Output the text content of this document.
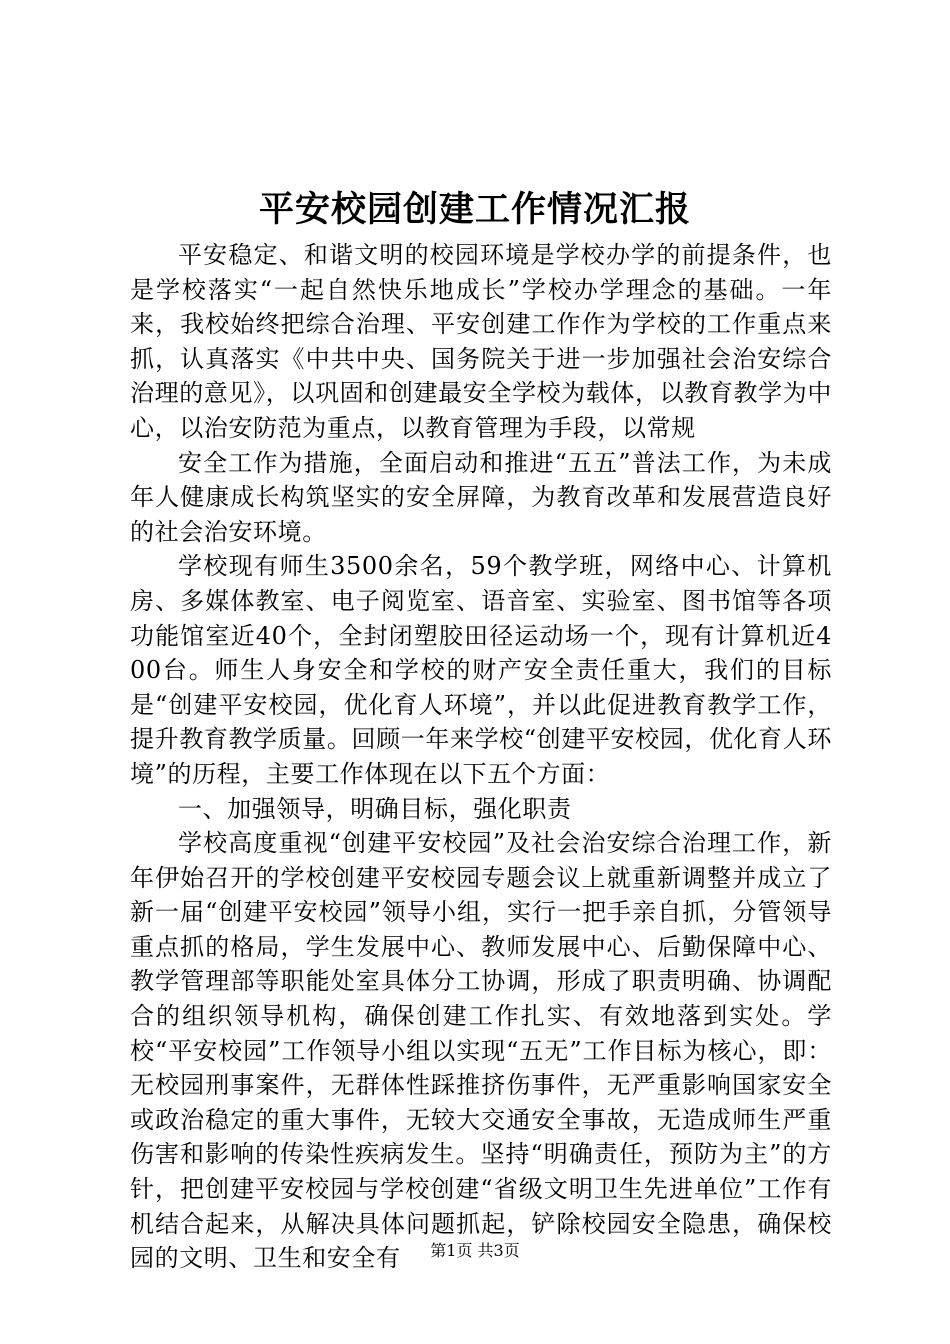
平安校园创建工作情况汇报

平安稳定、和谐文明的校园环境是学校办学的前提条件，也是学校落实“一起自然快乐地成长”学校办学理念的基础。一年来，我校始终把综合治理、平安创建工作作为学校的工作重点来抓，认真落实《中共中央、国务院关于进一步加强社会治安综合治理的意见》，以巩固和创建最安全学校为载体，以教育教学为中心，以治安防范为重点，以教育管理为手段，以常规

安全工作为措施，全面启动和推进“五五”普法工作，为未成年人健康成长构筑坚实的安全屏障，为教育改革和发展营造良好的社会治安环境。

学校现有师生3500余名，59个教学班，网络中心、计算机房、多媒体教室、电子阅览室、语音室、实验室、图书馆等各项功能馆室近40个，全封闭塑胶田径运动场一个，现有计算机近400台。师生人身安全和学校的财产安全责任重大，我们的目标是“创建平安校园，优化育人环境”，并以此促进教育教学工作，提升教育教学质量。回顾一年来学校“创建平安校园，优化育人环境”的历程，主要工作体现在以下五个方面：

一、加强领导，明确目标，强化职责

学校高度重视“创建平安校园”及社会治安综合治理工作，新年伊始召开的学校创建平安校园专题会议上就重新调整并成立了新一届“创建平安校园”领导小组，实行一把手亲自抓，分管领导重点抓的格局，学生发展中心、教师发展中心、后勤保障中心、教学管理部等职能处室具体分工协调，形成了职责明确、协调配合的组织领导机构，确保创建工作扎实、有效地落到实处。学校“平安校园”工作领导小组以实现“五无”工作目标为核心，即：无校园刑事案件，无群体性踩推挤伤事件，无严重影响国家安全或政治稳定的重大事件，无较大交通安全事故，无造成师生严重伤害和影响的传染性疾病发生。坚持“明确责任，预防为主”的方针，把创建平安校园与学校创建“省级文明卫生先进单位”工作有机结合起来，从解决具体问题抓起，铲除校园安全隐患，确保校园的文明、卫生和安全有	第1页 共3页
